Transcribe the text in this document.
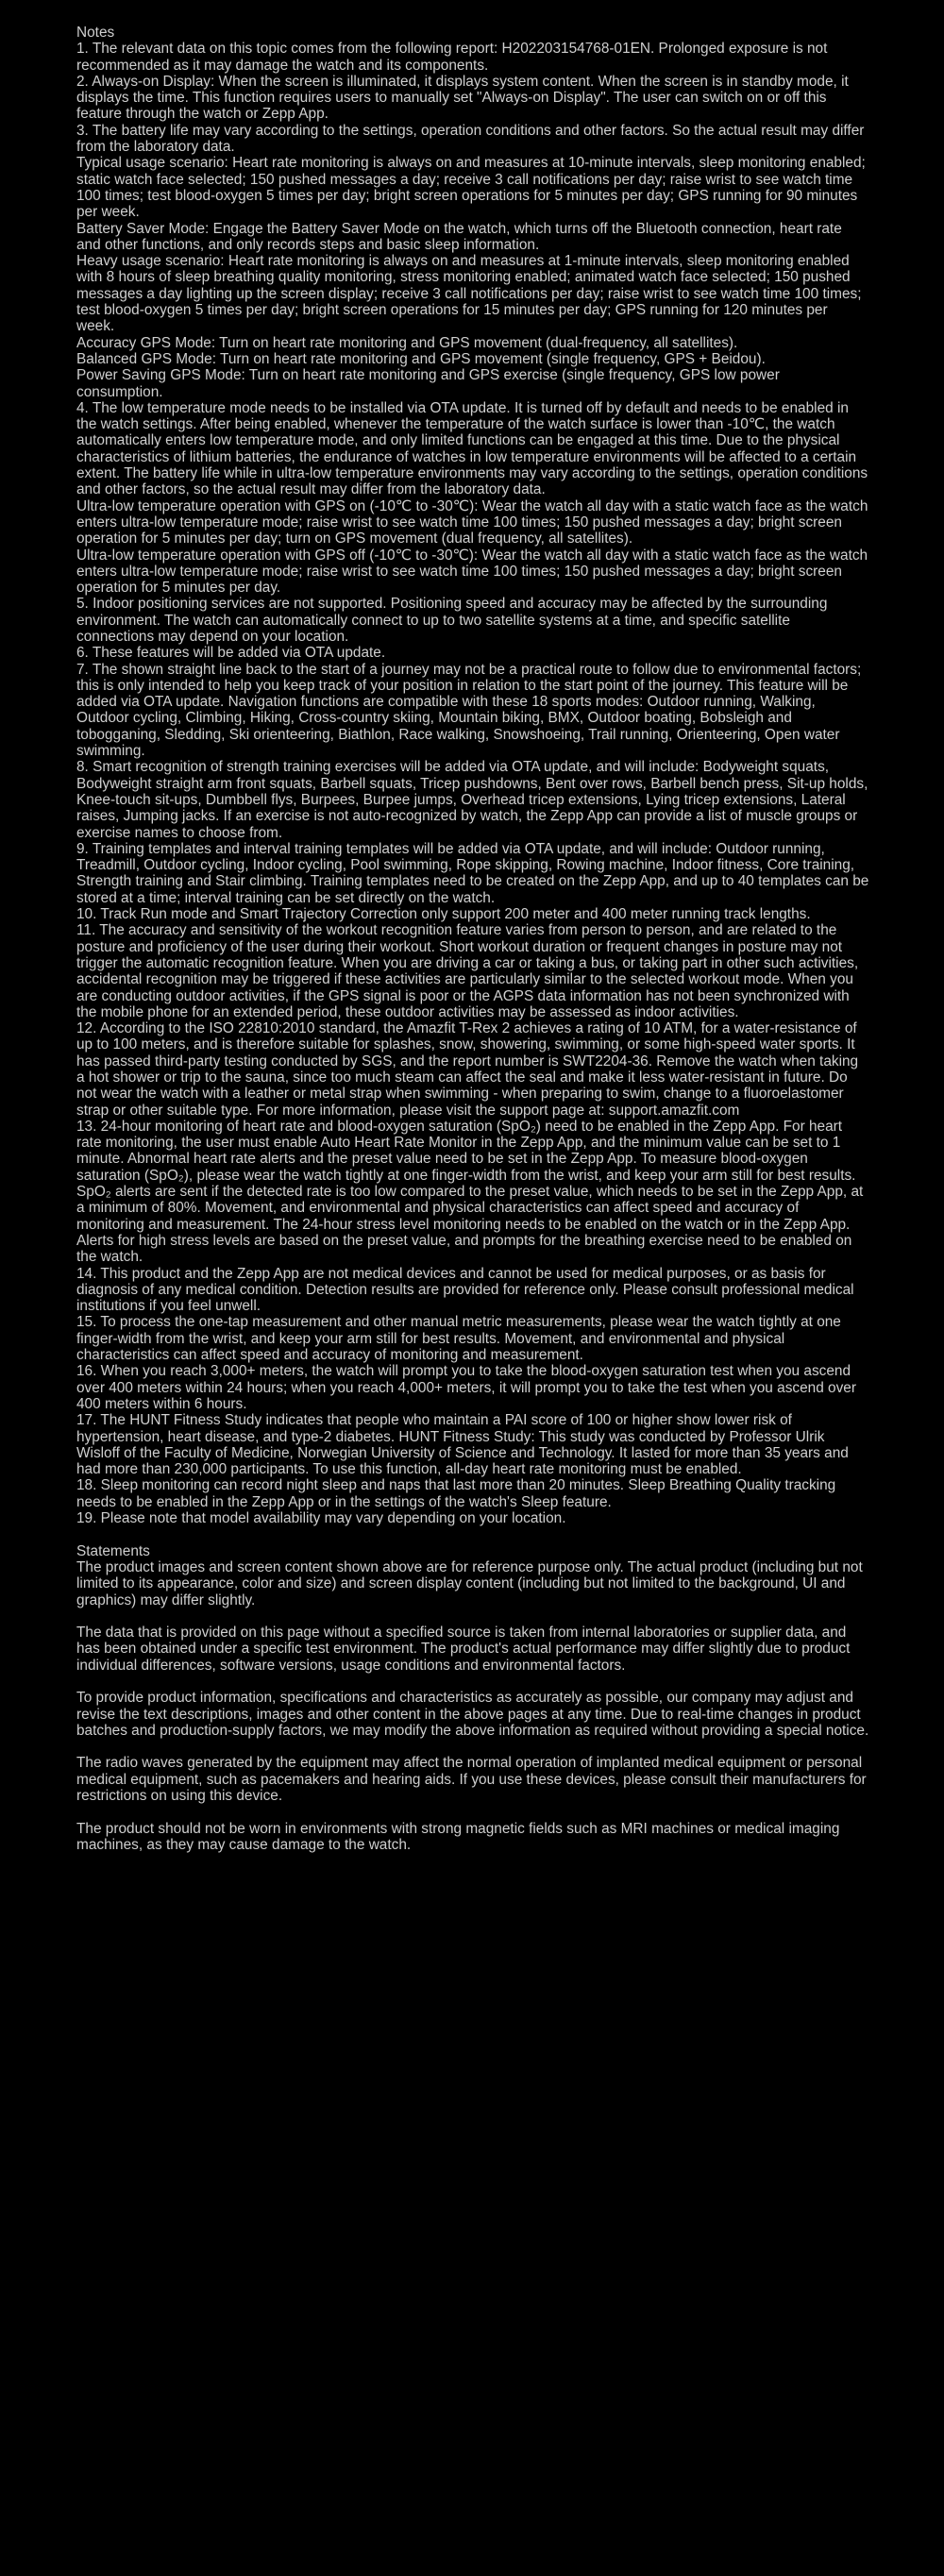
Notes

1. The relevant data on this topic comes from the following report: H202203154768-01EN. Prolonged exposure is not recommended as it may damage the watch and its components.

2. Always-on Display: When the screen is illuminated, it displays system content. When the screen is in standby mode, it displays the time. This function requires users to manually set "Always-on Display". The user can switch on or off this feature through the watch or Zepp App.

3. The battery life may vary according to the settings, operation conditions and other factors. So the actual result may differ from the laboratory data.

Typical usage scenario: Heart rate monitoring is always on and measures at 10-minute intervals, sleep monitoring enabled; static watch face selected; 150 pushed messages a day; receive 3 call notifications per day; raise wrist to see watch time 100 times; test blood-oxygen 5 times per day; bright screen operations for 5 minutes per day; GPS running for 90 minutes per week.

Battery Saver Mode: Engage the Battery Saver Mode on the watch, which turns off the Bluetooth connection, heart rate and other functions, and only records steps and basic sleep information.

Heavy usage scenario: Heart rate monitoring is always on and measures at 1-minute intervals, sleep monitoring enabled with 8 hours of sleep breathing quality monitoring, stress monitoring enabled; animated watch face selected; 150 pushed messages a day lighting up the screen display; receive 3 call notifications per day; raise wrist to see watch time 100 times; test blood-oxygen 5 times per day; bright screen operations for 15 minutes per day; GPS running for 120 minutes per week.

Accuracy GPS Mode: Turn on heart rate monitoring and GPS movement (dual-frequency, all satellites).

Balanced GPS Mode: Turn on heart rate monitoring and GPS movement (single frequency, GPS + Beidou).

Power Saving GPS Mode: Turn on heart rate monitoring and GPS exercise (single frequency, GPS low power consumption.

4. The low temperature mode needs to be installed via OTA update. It is turned off by default and needs to be enabled in the watch settings. After being enabled, whenever the temperature of the watch surface is lower than -10℃, the watch automatically enters low temperature mode, and only limited functions can be engaged at this time. Due to the physical characteristics of lithium batteries, the endurance of watches in low temperature environments will be affected to a certain extent. The battery life while in ultra-low temperature environments may vary according to the settings, operation conditions and other factors, so the actual result may differ from the laboratory data.

Ultra-low temperature operation with GPS on (-10℃ to -30℃): Wear the watch all day with a static watch face as the watch enters ultra-low temperature mode; raise wrist to see watch time 100 times; 150 pushed messages a day; bright screen operation for 5 minutes per day; turn on GPS movement (dual frequency, all satellites).

Ultra-low temperature operation with GPS off (-10℃ to -30℃): Wear the watch all day with a static watch face as the watch enters ultra-low temperature mode; raise wrist to see watch time 100 times; 150 pushed messages a day; bright screen operation for 5 minutes per day.

5. Indoor positioning services are not supported. Positioning speed and accuracy may be affected by the surrounding environment. The watch can automatically connect to up to two satellite systems at a time, and specific satellite connections may depend on your location.

6. These features will be added via OTA update.

7. The shown straight line back to the start of a journey may not be a practical route to follow due to environmental factors; this is only intended to help you keep track of your position in relation to the start point of the journey. This feature will be added via OTA update. Navigation functions are compatible with these 18 sports modes: Outdoor running, Walking, Outdoor cycling, Climbing, Hiking, Cross-country skiing, Mountain biking, BMX, Outdoor boating, Bobsleigh and tobogganing, Sledding, Ski orienteering, Biathlon, Race walking, Snowshoeing, Trail running, Orienteering, Open water swimming.

8. Smart recognition of strength training exercises will be added via OTA update, and will include: Bodyweight squats, Bodyweight straight arm front squats, Barbell squats, Tricep pushdowns, Bent over rows, Barbell bench press, Sit-up holds, Knee-touch sit-ups, Dumbbell flys, Burpees, Burpee jumps, Overhead tricep extensions, Lying tricep extensions, Lateral raises, Jumping jacks. If an exercise is not auto-recognized by watch, the Zepp App can provide a list of muscle groups or exercise names to choose from.

9. Training templates and interval training templates will be added via OTA update, and will include: Outdoor running, Treadmill, Outdoor cycling, Indoor cycling, Pool swimming, Rope skipping, Rowing machine, Indoor fitness, Core training, Strength training and Stair climbing. Training templates need to be created on the Zepp App, and up to 40 templates can be stored at a time; interval training can be set directly on the watch.

10. Track Run mode and Smart Trajectory Correction only support 200 meter and 400 meter running track lengths.

11. The accuracy and sensitivity of the workout recognition feature varies from person to person, and are related to the posture and proficiency of the user during their workout. Short workout duration or frequent changes in posture may not trigger the automatic recognition feature. When you are driving a car or taking a bus, or taking part in other such activities, accidental recognition may be triggered if these activities are particularly similar to the selected workout mode. When you are conducting outdoor activities, if the GPS signal is poor or the AGPS data information has not been synchronized with the mobile phone for an extended period, these outdoor activities may be assessed as indoor activities.

12. According to the ISO 22810:2010 standard, the Amazfit T-Rex 2 achieves a rating of 10 ATM, for a water-resistance of up to 100 meters, and is therefore suitable for splashes, snow, showering, swimming, or some high-speed water sports. It has passed third-party testing conducted by SGS, and the report number is SWT2204-36. Remove the watch when taking a hot shower or trip to the sauna, since too much steam can affect the seal and make it less water-resistant in future. Do not wear the watch with a leather or metal strap when swimming - when preparing to swim, change to a fluoroelastomer strap or other suitable type. For more information, please visit the support page at: support.amazfit.com

13. 24-hour monitoring of heart rate and blood-oxygen saturation (SpO₂) need to be enabled in the Zepp App. For heart rate monitoring, the user must enable Auto Heart Rate Monitor in the Zepp App, and the minimum value can be set to 1 minute. Abnormal heart rate alerts and the preset value need to be set in the Zepp App. To measure blood-oxygen saturation (SpO₂), please wear the watch tightly at one finger-width from the wrist, and keep your arm still for best results. SpO₂ alerts are sent if the detected rate is too low compared to the preset value, which needs to be set in the Zepp App, at a minimum of 80%. Movement, and environmental and physical characteristics can affect speed and accuracy of monitoring and measurement. The 24-hour stress level monitoring needs to be enabled on the watch or in the Zepp App. Alerts for high stress levels are based on the preset value, and prompts for the breathing exercise need to be enabled on the watch.

14. This product and the Zepp App are not medical devices and cannot be used for medical purposes, or as basis for diagnosis of any medical condition. Detection results are provided for reference only. Please consult professional medical institutions if you feel unwell.

15. To process the one-tap measurement and other manual metric measurements, please wear the watch tightly at one finger-width from the wrist, and keep your arm still for best results. Movement, and environmental and physical characteristics can affect speed and accuracy of monitoring and measurement.

16. When you reach 3,000+ meters, the watch will prompt you to take the blood-oxygen saturation test when you ascend over 400 meters within 24 hours; when you reach 4,000+ meters, it will prompt you to take the test when you ascend over 400 meters within 6 hours.

17. The HUNT Fitness Study indicates that people who maintain a PAI score of 100 or higher show lower risk of hypertension, heart disease, and type-2 diabetes. HUNT Fitness Study: This study was conducted by Professor Ulrik Wisloff of the Faculty of Medicine, Norwegian University of Science and Technology. It lasted for more than 35 years and had more than 230,000 participants. To use this function, all-day heart rate monitoring must be enabled.

18. Sleep monitoring can record night sleep and naps that last more than 20 minutes. Sleep Breathing Quality tracking needs to be enabled in the Zepp App or in the settings of the watch's Sleep feature.

19. Please note that model availability may vary depending on your location.

Statements

The product images and screen content shown above are for reference purpose only. The actual product (including but not limited to its appearance, color and size) and screen display content (including but not limited to the background, UI and graphics) may differ slightly.

The data that is provided on this page without a specified source is taken from internal laboratories or supplier data, and has been obtained under a specific test environment. The product's actual performance may differ slightly due to product individual differences, software versions, usage conditions and environmental factors.

To provide product information, specifications and characteristics as accurately as possible, our company may adjust and revise the text descriptions, images and other content in the above pages at any time. Due to real-time changes in product batches and production-supply factors, we may modify the above information as required without providing a special notice.

The radio waves generated by the equipment may affect the normal operation of implanted medical equipment or personal medical equipment, such as pacemakers and hearing aids. If you use these devices, please consult their manufacturers for restrictions on using this device.

The product should not be worn in environments with strong magnetic fields such as MRI machines or medical imaging machines, as they may cause damage to the watch.
